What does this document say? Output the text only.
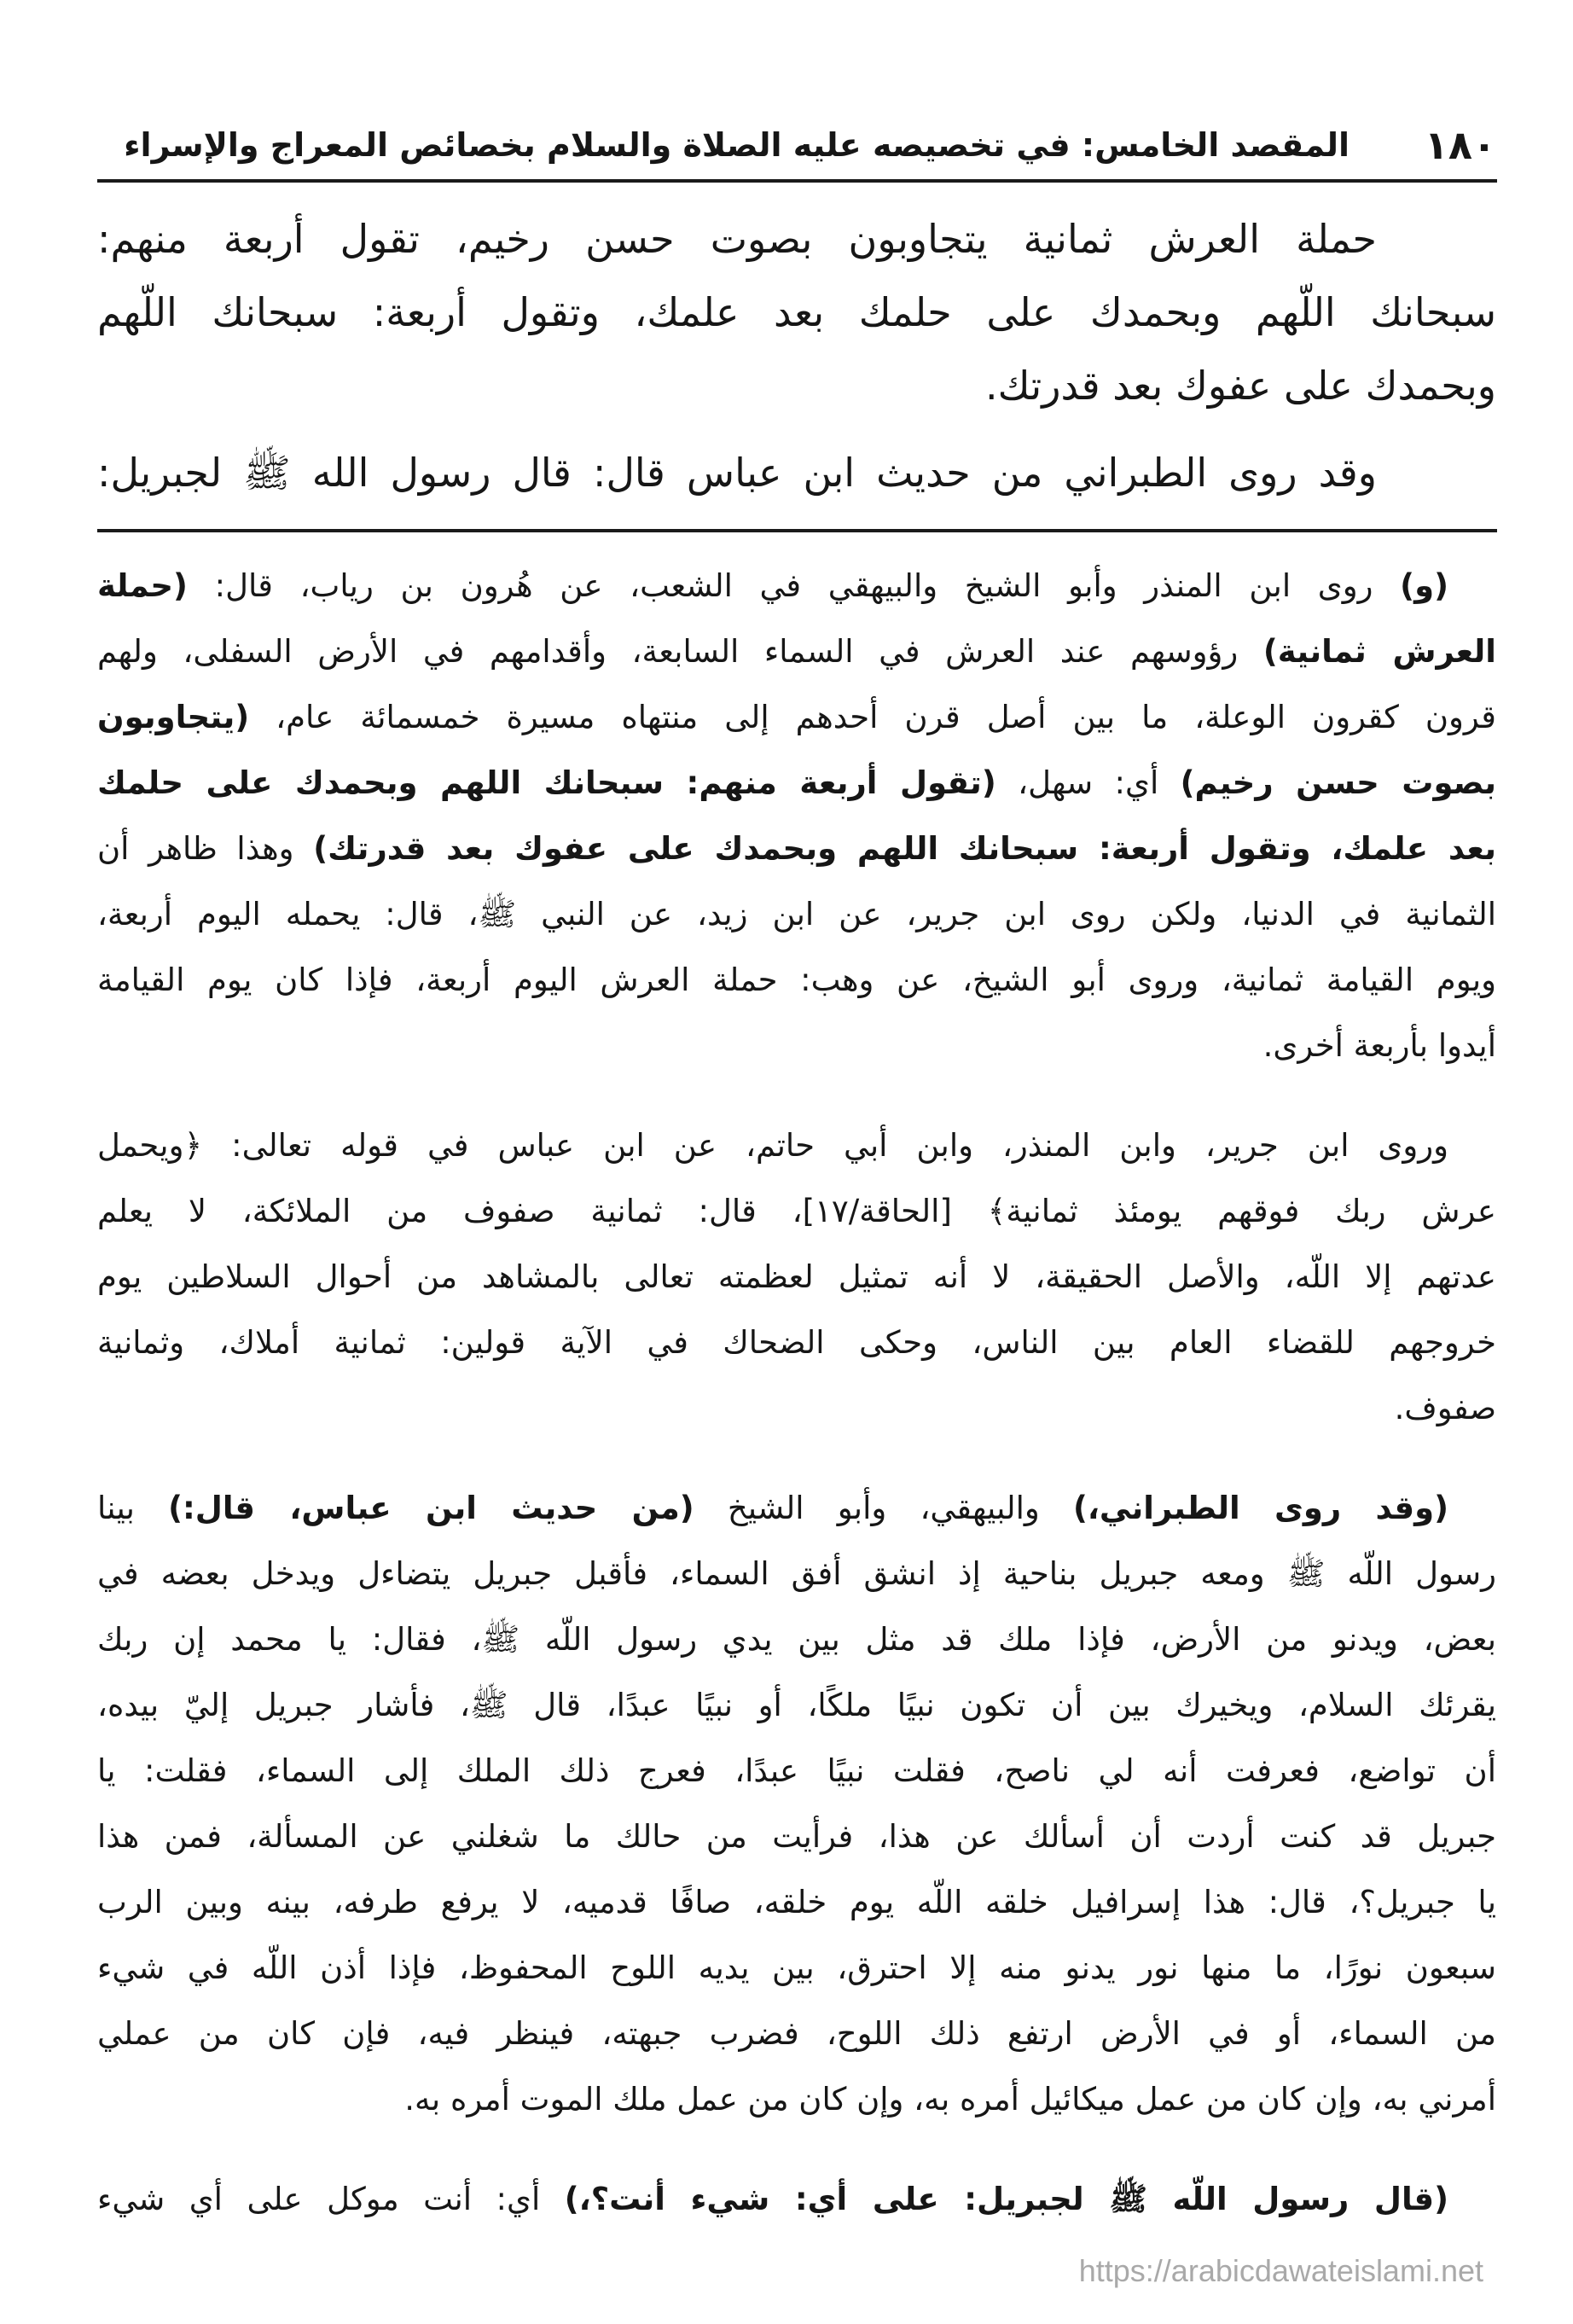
١٨٠
المقصد الخامس: في تخصيصه عليه الصلاة والسلام بخصائص المعراج والإسراء
حملة العرش ثمانية يتجاوبون بصوت حسن رخيم، تقول أربعة منهم:
سبحانك اللّهم وبحمدك على حلمك بعد علمك، وتقول أربعة: سبحانك اللّهم
وبحمدك على عفوك بعد قدرتك.
وقد روى الطبراني من حديث ابن عباس قال: قال رسول الله ﷺ لجبريل:
(و) روى ابن المنذر وأبو الشيخ والبيهقي في الشعب، عن هُرون بن رياب، قال: (حملة
العرش ثمانية) رؤوسهم عند العرش في السماء السابعة، وأقدامهم في الأرض السفلى، ولهم
قرون كقرون الوعلة، ما بين أصل قرن أحدهم إلى منتهاه مسيرة خمسمائة عام، (يتجاوبون
بصوت حسن رخيم) أي: سهل، (تقول أربعة منهم: سبحانك اللهم وبحمدك على حلمك
بعد علمك، وتقول أربعة: سبحانك اللهم وبحمدك على عفوك بعد قدرتك) وهذا ظاهر أن
الثمانية في الدنيا، ولكن روى ابن جرير، عن ابن زيد، عن النبي ﷺ، قال: يحمله اليوم أربعة،
ويوم القيامة ثمانية، وروى أبو الشيخ، عن وهب: حملة العرش اليوم أربعة، فإذا كان يوم القيامة
أيدوا بأربعة أخرى.
وروى ابن جرير، وابن المنذر، وابن أبي حاتم، عن ابن عباس في قوله تعالى: ﴿ويحمل
عرش ربك فوقهم يومئذ ثمانية﴾ [الحاقة/١٧]، قال: ثمانية صفوف من الملائكة، لا يعلم
عدتهم إلا اللّه، والأصل الحقيقة، لا أنه تمثيل لعظمته تعالى بالمشاهد من أحوال السلاطين يوم
خروجهم للقضاء العام بين الناس، وحكى الضحاك في الآية قولين: ثمانية أملاك، وثمانية
صفوف.
(وقد روى الطبراني،) والبيهقي، وأبو الشيخ (من حديث ابن عباس، قال:) بينا
رسول اللّه ﷺ ومعه جبريل بناحية إذ انشق أفق السماء، فأقبل جبريل يتضاءل ويدخل بعضه في
بعض، ويدنو من الأرض، فإذا ملك قد مثل بين يدي رسول اللّه ﷺ، فقال: يا محمد إن ربك
يقرئك السلام، ويخيرك بين أن تكون نبيًا ملكًا، أو نبيًا عبدًا، قال ﷺ، فأشار جبريل إليّ بيده،
أن تواضع، فعرفت أنه لي ناصح، فقلت نبيًا عبدًا، فعرج ذلك الملك إلى السماء، فقلت: يا
جبريل قد كنت أردت أن أسألك عن هذا، فرأيت من حالك ما شغلني عن المسألة، فمن هذا
يا جبريل؟، قال: هذا إسرافيل خلقه اللّه يوم خلقه، صافًا قدميه، لا يرفع طرفه، بينه وبين الرب
سبعون نورًا، ما منها نور يدنو منه إلا احترق، بين يديه اللوح المحفوظ، فإذا أذن اللّه في شيء
من السماء، أو في الأرض ارتفع ذلك اللوح، فضرب جبهته، فينظر فيه، فإن كان من عملي
أمرني به، وإن كان من عمل ميكائيل أمره به، وإن كان من عمل ملك الموت أمره به.
(قال رسول اللّه ﷺ لجبريل: على أي: شيء أنت؟،) أي: أنت موكل على أي شيء
https://arabicdawateislami.net
